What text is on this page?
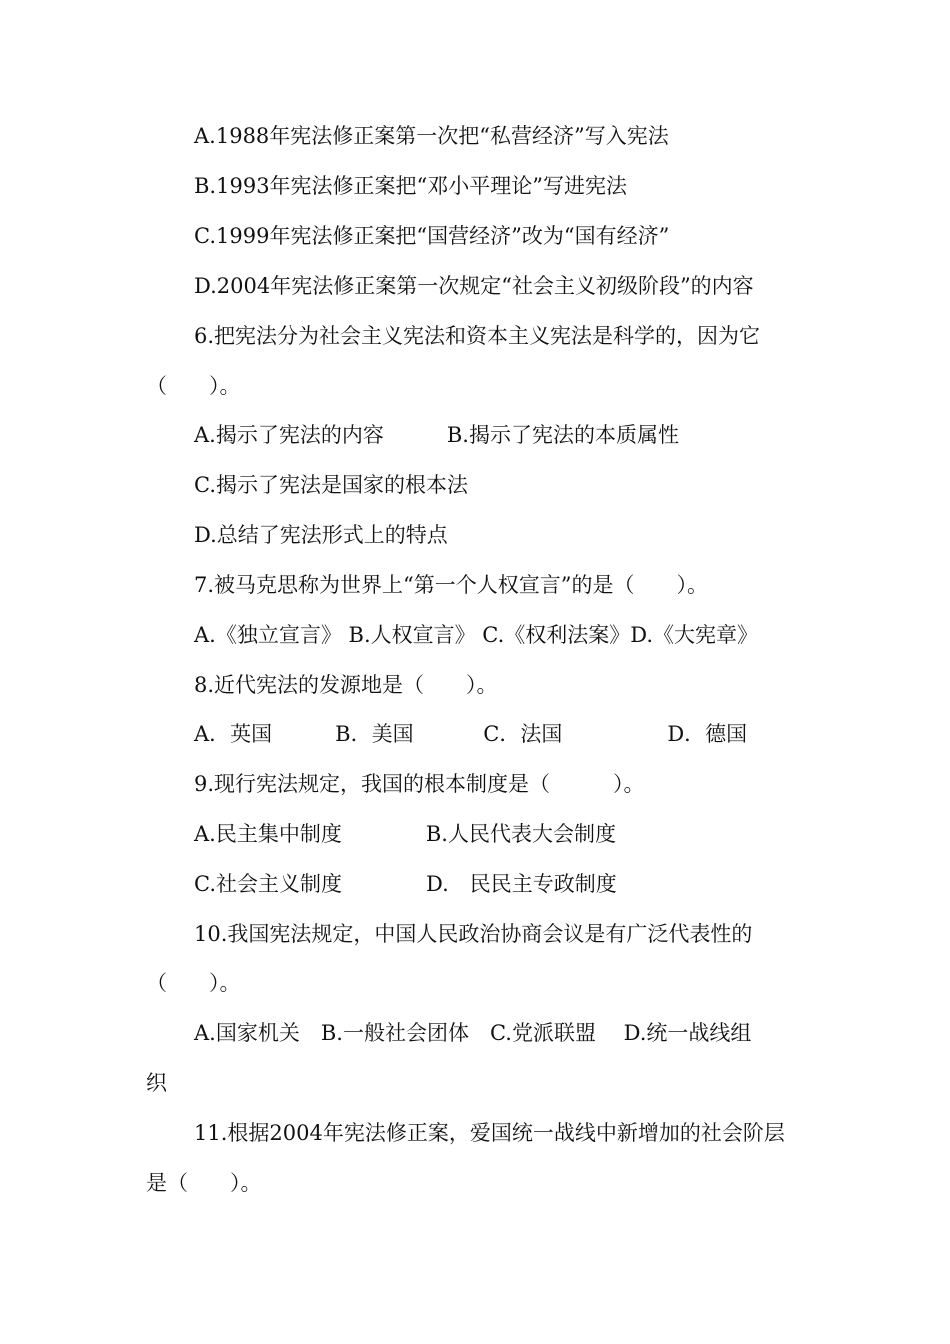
A.1988年宪法修正案第一次把“私营经济”写入宪法

B.1993年宪法修正案把“邓小平理论”写进宪法

C.1999年宪法修正案把“国营经济”改为“国有经济”

D.2004年宪法修正案第一次规定“社会主义初级阶段”的内容

6.把宪法分为社会主义宪法和资本主义宪法是科学的，因为它

（　　）。

A.揭示了宪法的内容　　　B.揭示了宪法的本质属性

C.揭示了宪法是国家的根本法

D.总结了宪法形式上的特点

7.被马克思称为世界上“第一个人权宣言”的是（　　）。

A.《独立宣言》 B.人权宣言》 C.《权利法案》D.《大宪章》

8.近代宪法的发源地是（　　）。

A．英国　　　B．美国　　　 C．法国　　　　　D．德国

9.现行宪法规定，我国的根本制度是（　　　）。

A.民主集中制度　　　　B.人民代表大会制度

C.社会主义制度　　　　D.　民民主专政制度

10.我国宪法规定，中国人民政治协商会议是有广泛代表性的

（　　）。

A.国家机关　B.一般社会团体　C.党派联盟　 D.统一战线组

织

11.根据2004年宪法修正案，爱国统一战线中新增加的社会阶层

是（　　）。
